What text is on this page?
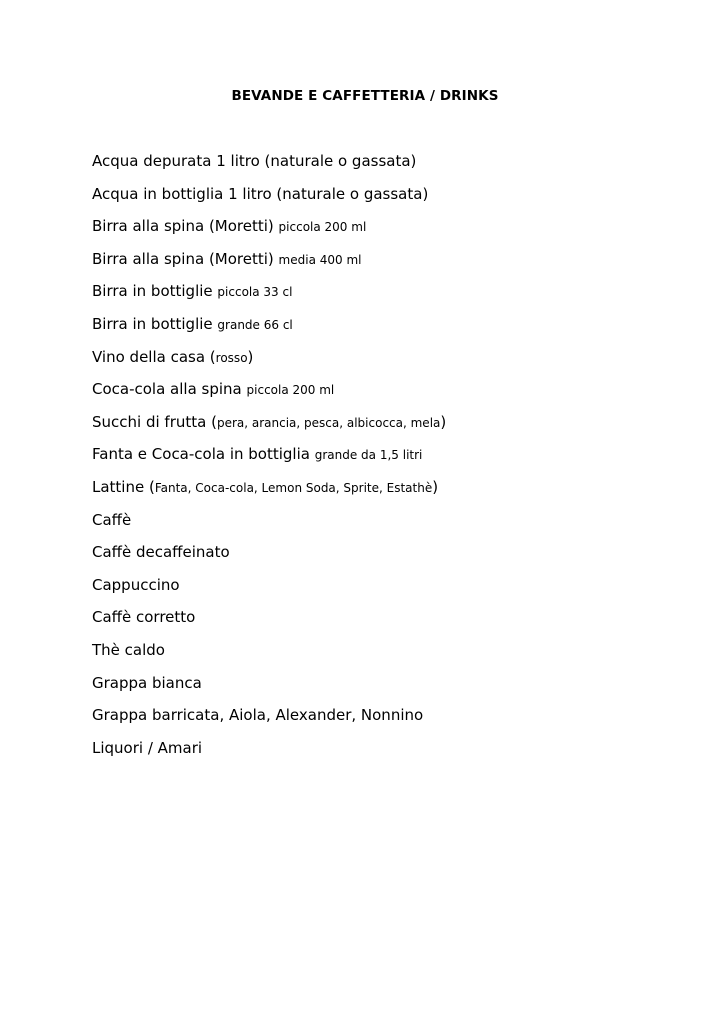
BEVANDE E CAFFETTERIA / DRINKS
Acqua depurata 1 litro (naturale o gassata)
Acqua in bottiglia 1 litro (naturale o gassata)
Birra alla spina (Moretti) piccola 200 ml
Birra alla spina (Moretti) media 400 ml
Birra in bottiglie piccola 33 cl
Birra in bottiglie grande 66 cl
Vino della casa (rosso)
Coca-cola alla spina piccola 200 ml
Succhi di frutta (pera, arancia, pesca, albicocca, mela)
Fanta e Coca-cola in bottiglia grande da 1,5 litri
Lattine (Fanta, Coca-cola, Lemon Soda, Sprite, Estathè)
Caffè
Caffè decaffeinato
Cappuccino
Caffè corretto
Thè caldo
Grappa bianca
Grappa barricata, Aiola, Alexander, Nonnino
Liquori / Amari
